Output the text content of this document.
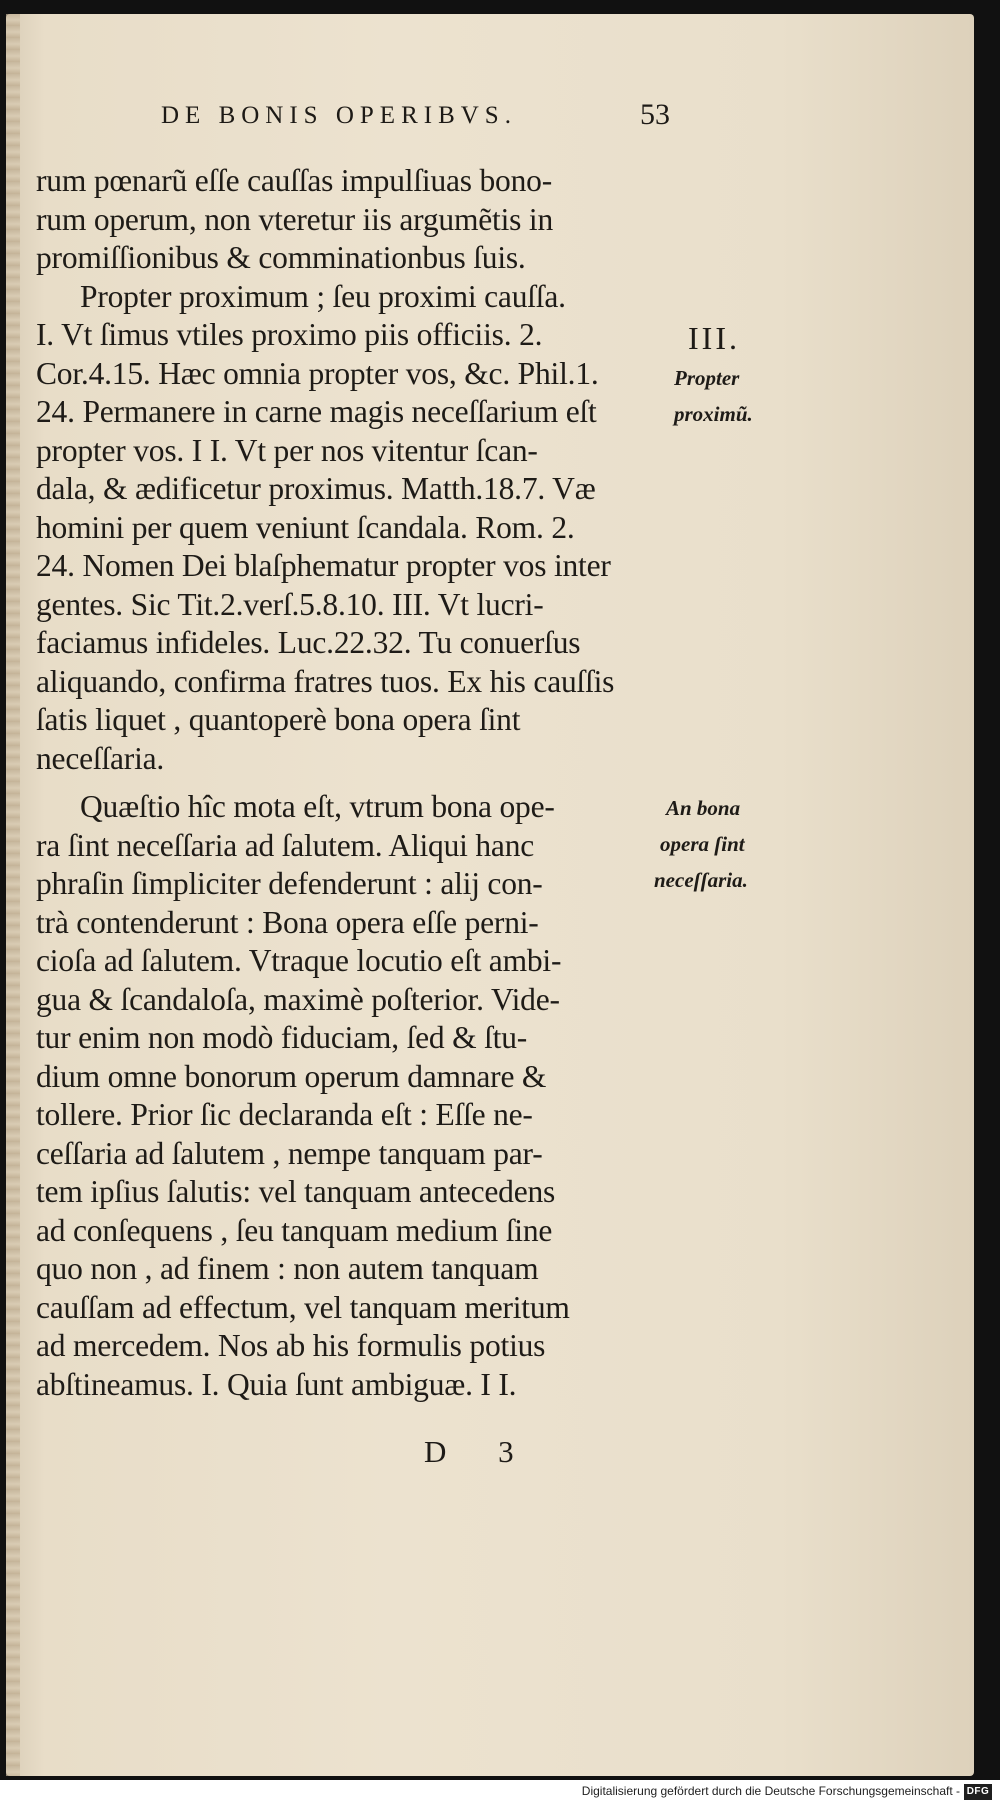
DE BONIS OPERIBVS.	53
rum pœnarũ eſſe cauſſas impulſiuas bono-
rum operum, non vteretur iis argumẽtis in
promiſſionibus & comminationbus ſuis.
Propter proximum ; ſeu proximi cauſſa.
I. Vt ſimus vtiles proximo piis officiis. 2.
Cor.4.15. Hæc omnia propter vos, &c. Phil.1.
24. Permanere in carne magis neceſſarium eſt
propter vos. I I. Vt per nos vitentur ſcan-
dala, & ædificetur proximus. Matth.18.7. Væ
homini per quem veniunt ſcandala. Rom. 2.
24. Nomen Dei blaſphematur propter vos inter
gentes. Sic Tit.2.verſ.5.8.10. III. Vt lucri-
faciamus infideles. Luc.22.32. Tu conuerſus
aliquando, confirma fratres tuos. Ex his cauſſis
ſatis liquet , quantoperè bona opera ſint
neceſſaria.
Quæſtio hîc mota eſt, vtrum bona ope-
ra ſint neceſſaria ad ſalutem. Aliqui hanc
phraſin ſimpliciter defenderunt : alij con-
trà contenderunt : Bona opera eſſe perni-
cioſa ad ſalutem. Vtraque locutio eſt ambi-
gua & ſcandaloſa, maximè poſterior. Vide-
tur enim non modò fiduciam, ſed & ſtu-
dium omne bonorum operum damnare &
tollere. Prior ſic declaranda eſt : Eſſe ne-
ceſſaria ad ſalutem , nempe tanquam par-
tem ipſius ſalutis: vel tanquam antecedens
ad conſequens , ſeu tanquam medium ſine
quo non , ad finem : non autem tanquam
cauſſam ad effectum, vel tanquam meritum
ad mercedem. Nos ab his formulis potius
abſtineamus. I. Quia ſunt ambiguæ. I I.
III.
Propter
proximũ.
An bona
opera ſint
neceſſaria.
D 3
Digitalisierung gefördert durch die Deutsche Forschungsgemeinschaft - DFG
